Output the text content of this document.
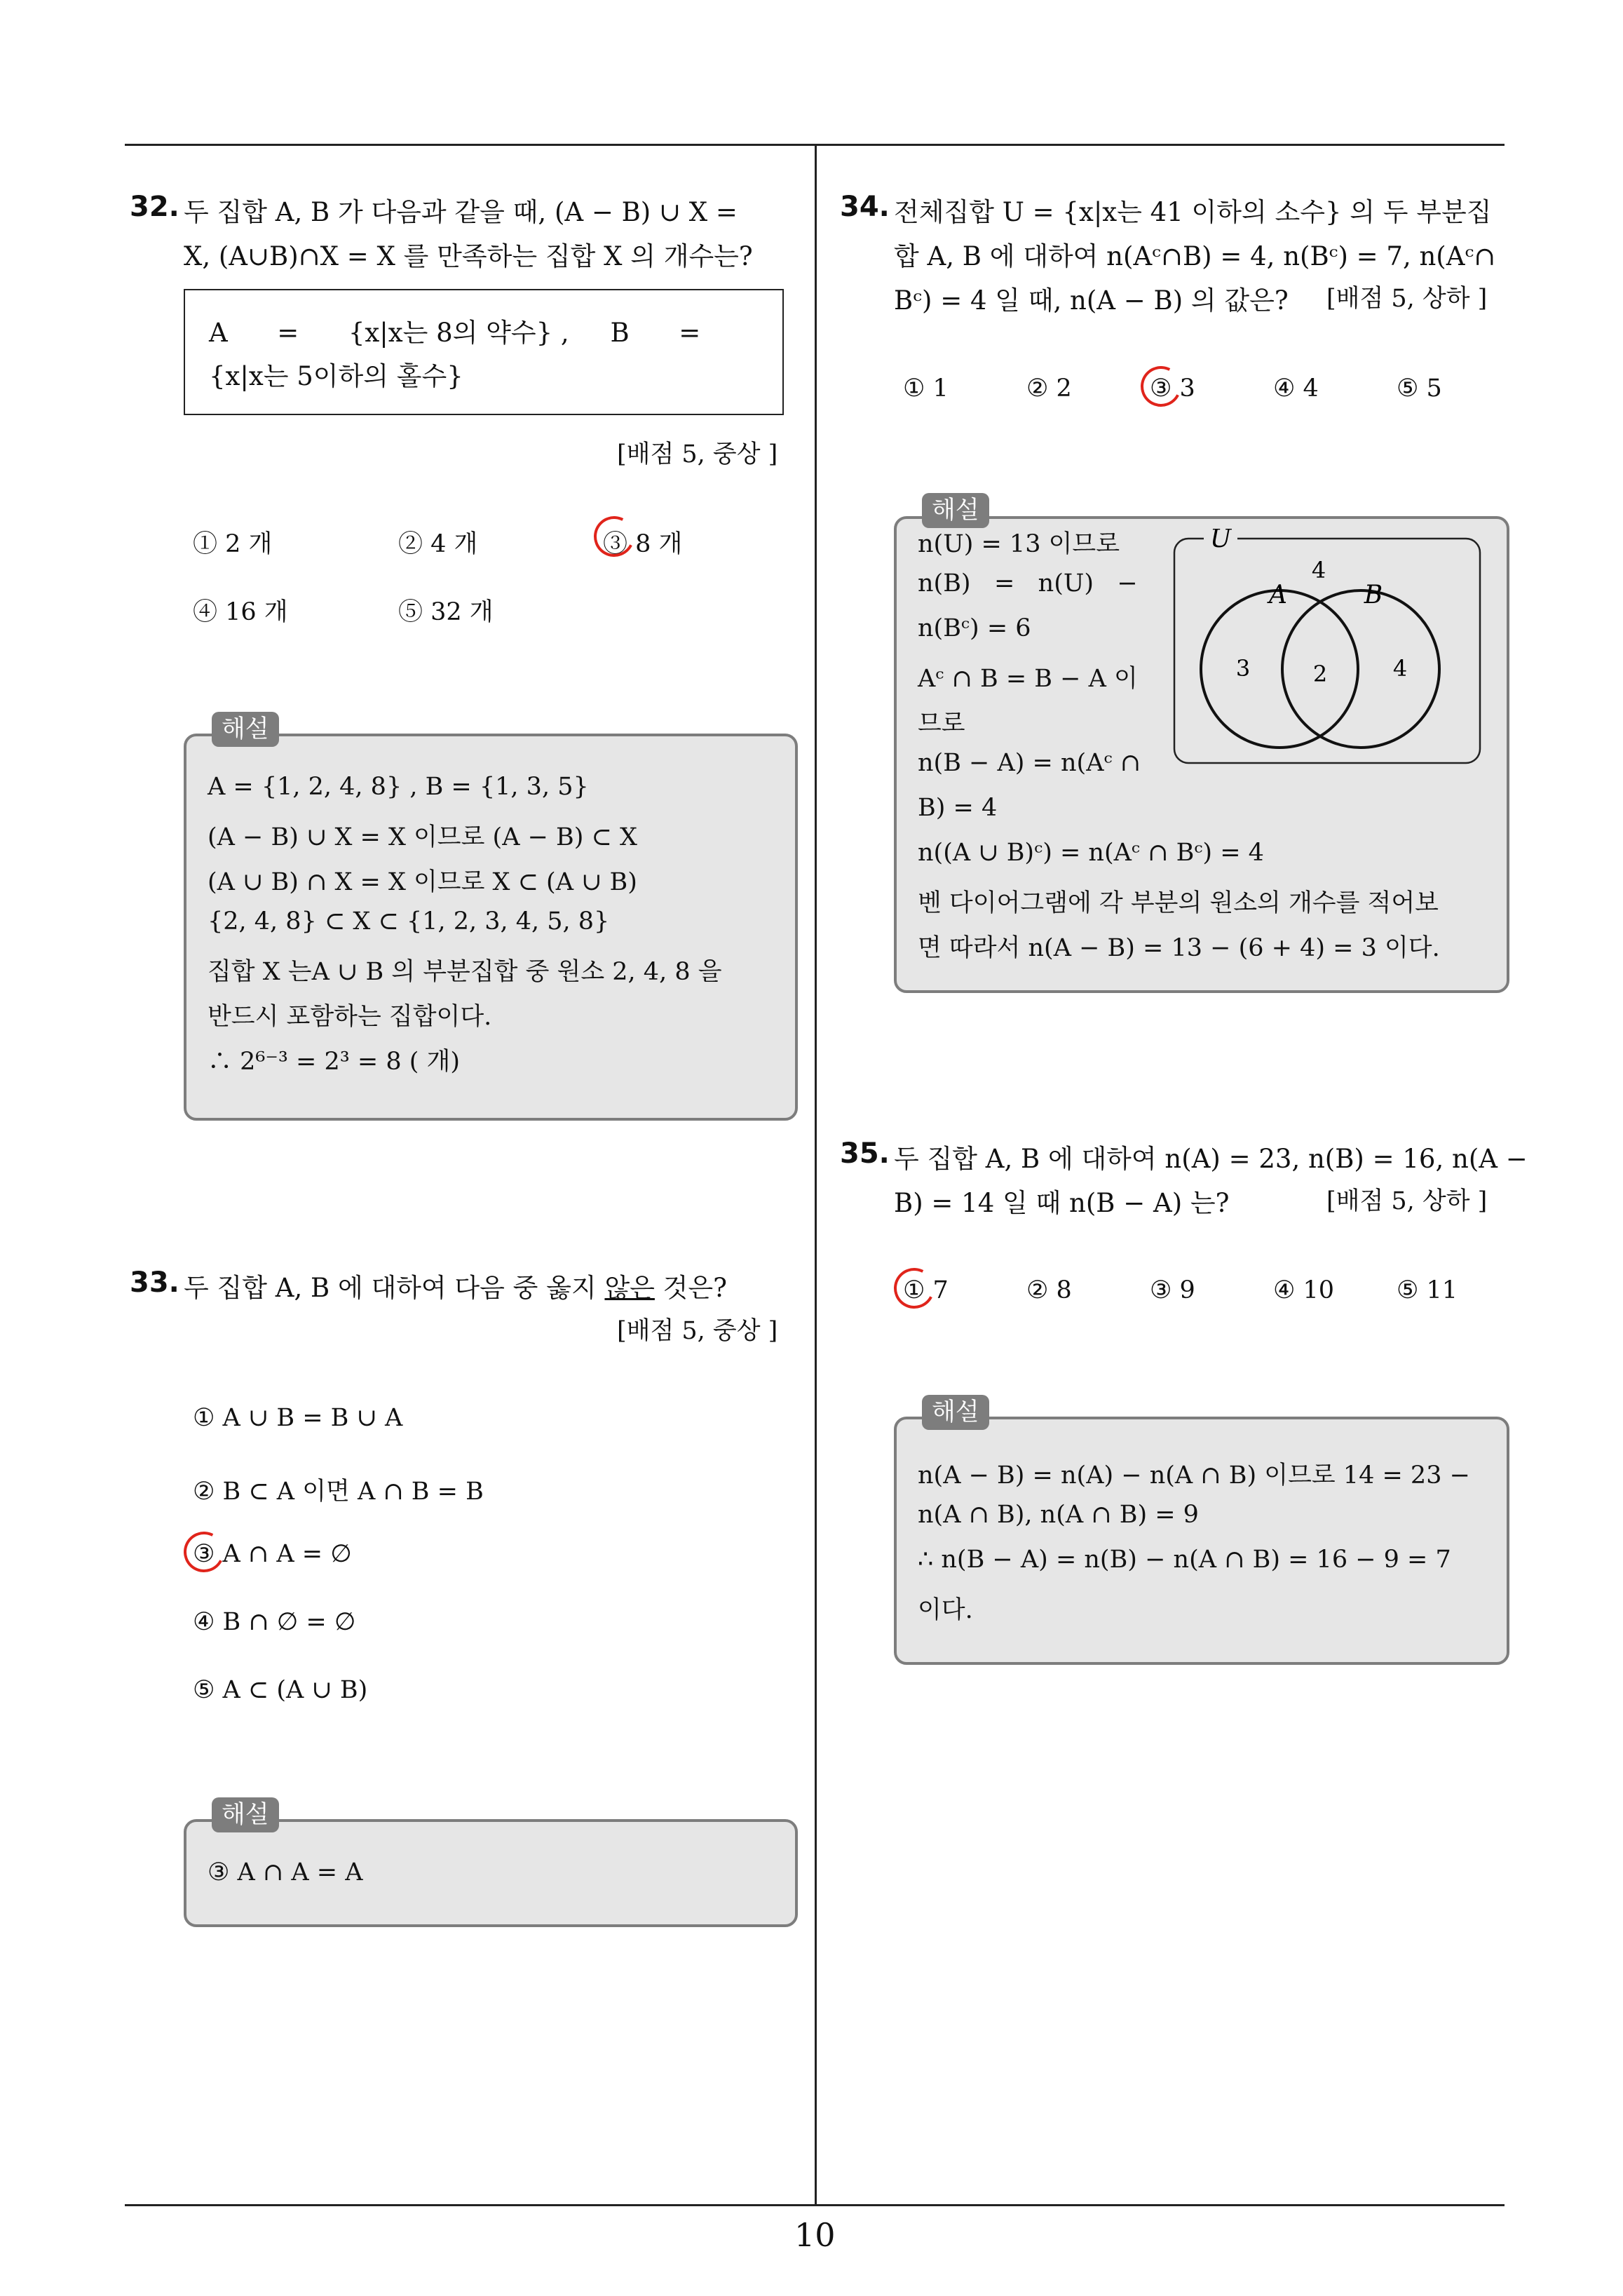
10
32. 두 집합 A, B 가 다음과 같을 때, (A − B) ∪ X =
X, (A∪B)∩X = X 를 만족하는 집합 X 의 개수는?
A      =      {x|x는 8의 약수} ,     B      =
{x|x는 5이하의 홀수}
[배점 5, 중상 ]
① 2 개	② 4 개	③ 8 개
④ 16 개	⑤ 32 개
A = {1, 2, 4, 8} , B = {1, 3, 5}
(A − B) ∪ X = X 이므로 (A − B) ⊂ X
(A ∪ B) ∩ X = X 이므로 X ⊂ (A ∪ B)
{2, 4, 8} ⊂ X ⊂ {1, 2, 3, 4, 5, 8}
집합 X 는A ∪ B 의 부분집합 중 원소 2, 4, 8 을
반드시 포함하는 집합이다.
∴ 2⁶⁻³ = 2³ = 8 ( 개)
해설
33. 두 집합 A, B 에 대하여 다음 중 옳지 않은 것은?
[배점 5, 중상 ]
① A ∪ B = B ∪ A
② B ⊂ A 이면 A ∩ B = B
③ A ∩ A = ∅
④ B ∩ ∅ = ∅
⑤ A ⊂ (A ∪ B)
③ A ∩ A = A
해설
34. 전체집합 U = {x|x는 41 이하의 소수} 의 두 부분집
합 A, B 에 대하여 n(Aᶜ∩B) = 4, n(Bᶜ) = 7, n(Aᶜ∩
Bᶜ) = 4 일 때, n(A − B) 의 값은? [배점 5, 상하 ]
① 1	② 2	③ 3	④ 4	⑤ 5
n(U) = 13 이므로
n(B)   =   n(U)   −
n(Bᶜ) = 6
Aᶜ ∩ B = B − A 이
므로
n(B − A) = n(Aᶜ ∩
B) = 4
n((A ∪ B)ᶜ) = n(Aᶜ ∩ Bᶜ) = 4
벤 다이어그램에 각 부분의 원소의 개수를 적어보
면 따라서 n(A − B) = 13 − (6 + 4) = 3 이다.
U
4
A	B
3	2	4
해설
35. 두 집합 A, B 에 대하여 n(A) = 23, n(B) = 16, n(A −
B) = 14 일 때 n(B − A) 는?	[배점 5, 상하 ]
① 7	② 8	③ 9	④ 10	⑤ 11
n(A − B) = n(A) − n(A ∩ B) 이므로 14 = 23 −
n(A ∩ B), n(A ∩ B) = 9
∴ n(B − A) = n(B) − n(A ∩ B) = 16 − 9 = 7
이다.
해설
